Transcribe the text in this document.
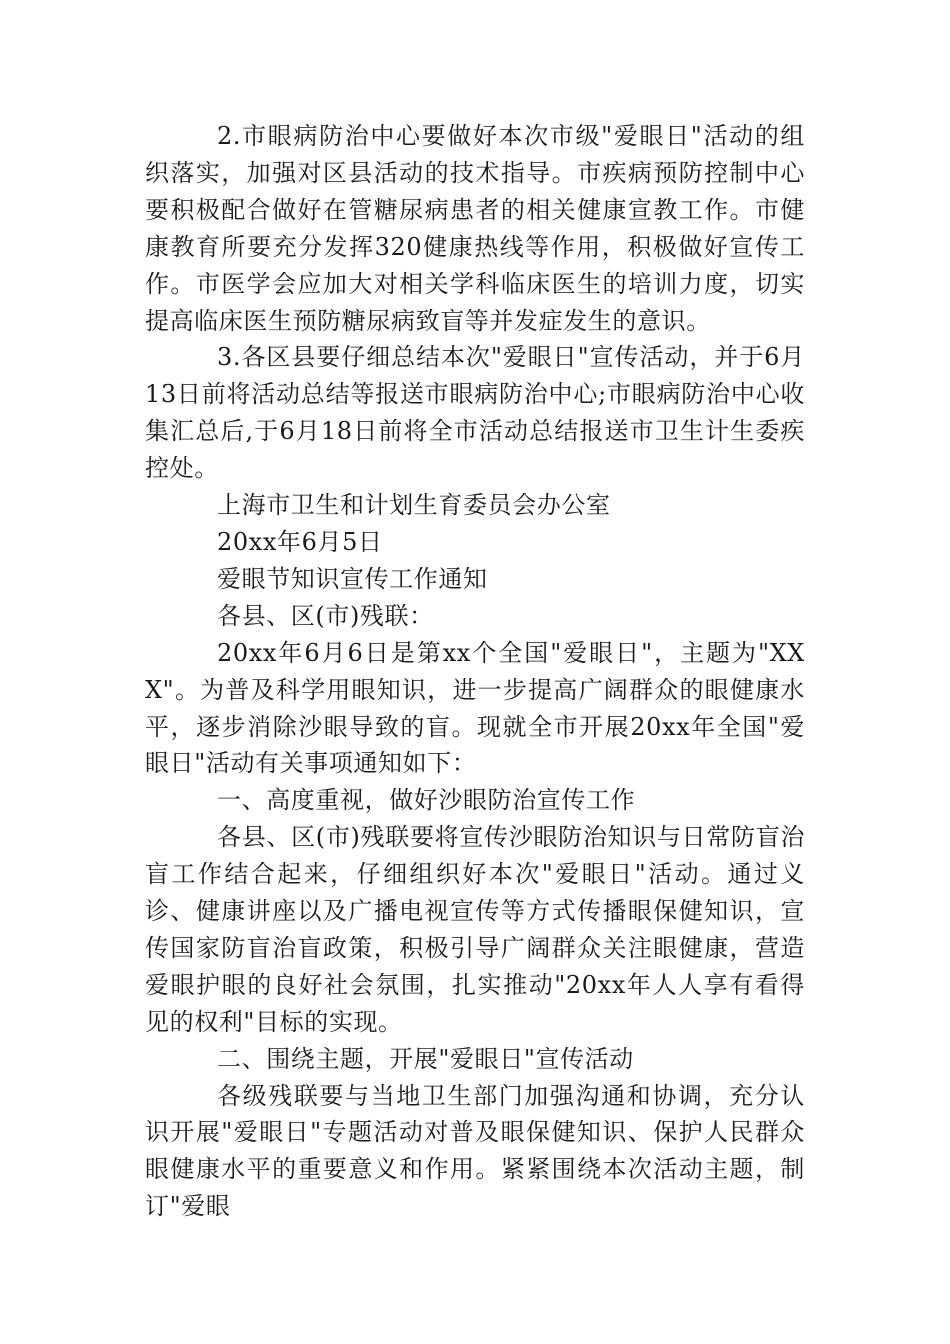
2.市眼病防治中心要做好本次市级"爱眼日"活动的组织落实，加强对区县活动的技术指导。市疾病预防控制中心要积极配合做好在管糖尿病患者的相关健康宣教工作。市健康教育所要充分发挥320健康热线等作用，积极做好宣传工作。市医学会应加大对相关学科临床医生的培训力度，切实提高临床医生预防糖尿病致盲等并发症发生的意识。

3.各区县要仔细总结本次"爱眼日"宣传活动，并于6月13日前将活动总结等报送市眼病防治中心;市眼病防治中心收集汇总后,于6月18日前将全市活动总结报送市卫生计生委疾控处。

上海市卫生和计划生育委员会办公室

20xx年6月5日

爱眼节知识宣传工作通知

各县、区(市)残联：

20xx年6月6日是第xx个全国"爱眼日"，主题为"XXX"。为普及科学用眼知识，进一步提高广阔群众的眼健康水平，逐步消除沙眼导致的盲。现就全市开展20xx年全国"爱眼日"活动有关事项通知如下：

一、高度重视，做好沙眼防治宣传工作

各县、区(市)残联要将宣传沙眼防治知识与日常防盲治盲工作结合起来，仔细组织好本次"爱眼日"活动。通过义诊、健康讲座以及广播电视宣传等方式传播眼保健知识，宣传国家防盲治盲政策，积极引导广阔群众关注眼健康，营造爱眼护眼的良好社会氛围，扎实推动"20xx年人人享有看得见的权利"目标的实现。

二、围绕主题，开展"爱眼日"宣传活动

各级残联要与当地卫生部门加强沟通和协调，充分认识开展"爱眼日"专题活动对普及眼保健知识、保护人民群众眼健康水平的重要意义和作用。紧紧围绕本次活动主题，制订"爱眼
